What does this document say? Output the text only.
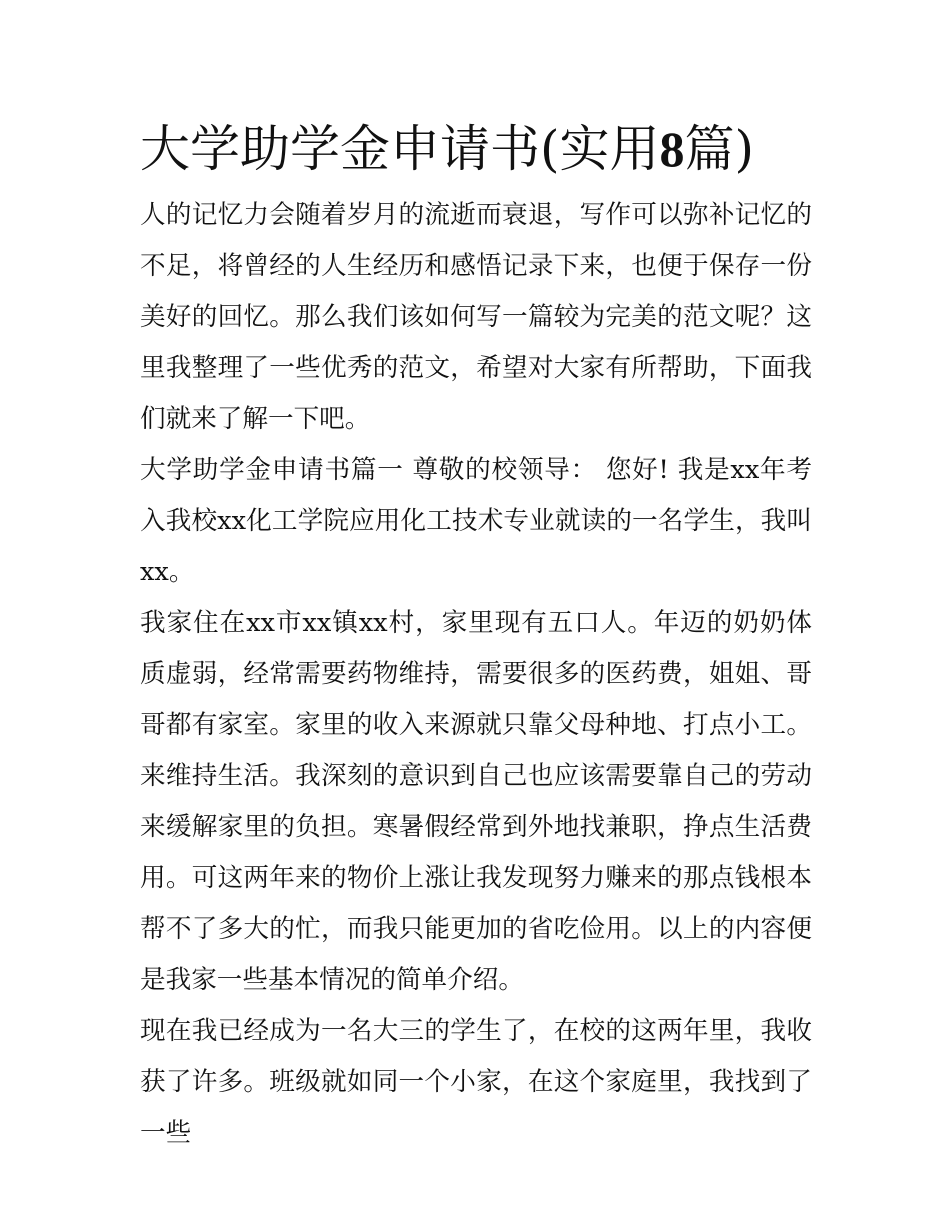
大学助学金申请书(实用8篇)

人的记忆力会随着岁月的流逝而衰退，写作可以弥补记忆的不足，将曾经的人生经历和感悟记录下来，也便于保存一份美好的回忆。那么我们该如何写一篇较为完美的范文呢？这里我整理了一些优秀的范文，希望对大家有所帮助，下面我们就来了解一下吧。

大学助学金申请书篇一 尊敬的校领导： 您好! 我是xx年考入我校xx化工学院应用化工技术专业就读的一名学生，我叫xx。

我家住在xx市xx镇xx村，家里现有五口人。年迈的奶奶体质虚弱，经常需要药物维持，需要很多的医药费，姐姐、哥哥都有家室。家里的收入来源就只靠父母种地、打点小工。来维持生活。我深刻的意识到自己也应该需要靠自己的劳动来缓解家里的负担。寒暑假经常到外地找兼职，挣点生活费用。可这两年来的物价上涨让我发现努力赚来的那点钱根本帮不了多大的忙，而我只能更加的省吃俭用。以上的内容便是我家一些基本情况的简单介绍。

现在我已经成为一名大三的学生了，在校的这两年里，我收获了许多。班级就如同一个小家，在这个家庭里，我找到了一些
